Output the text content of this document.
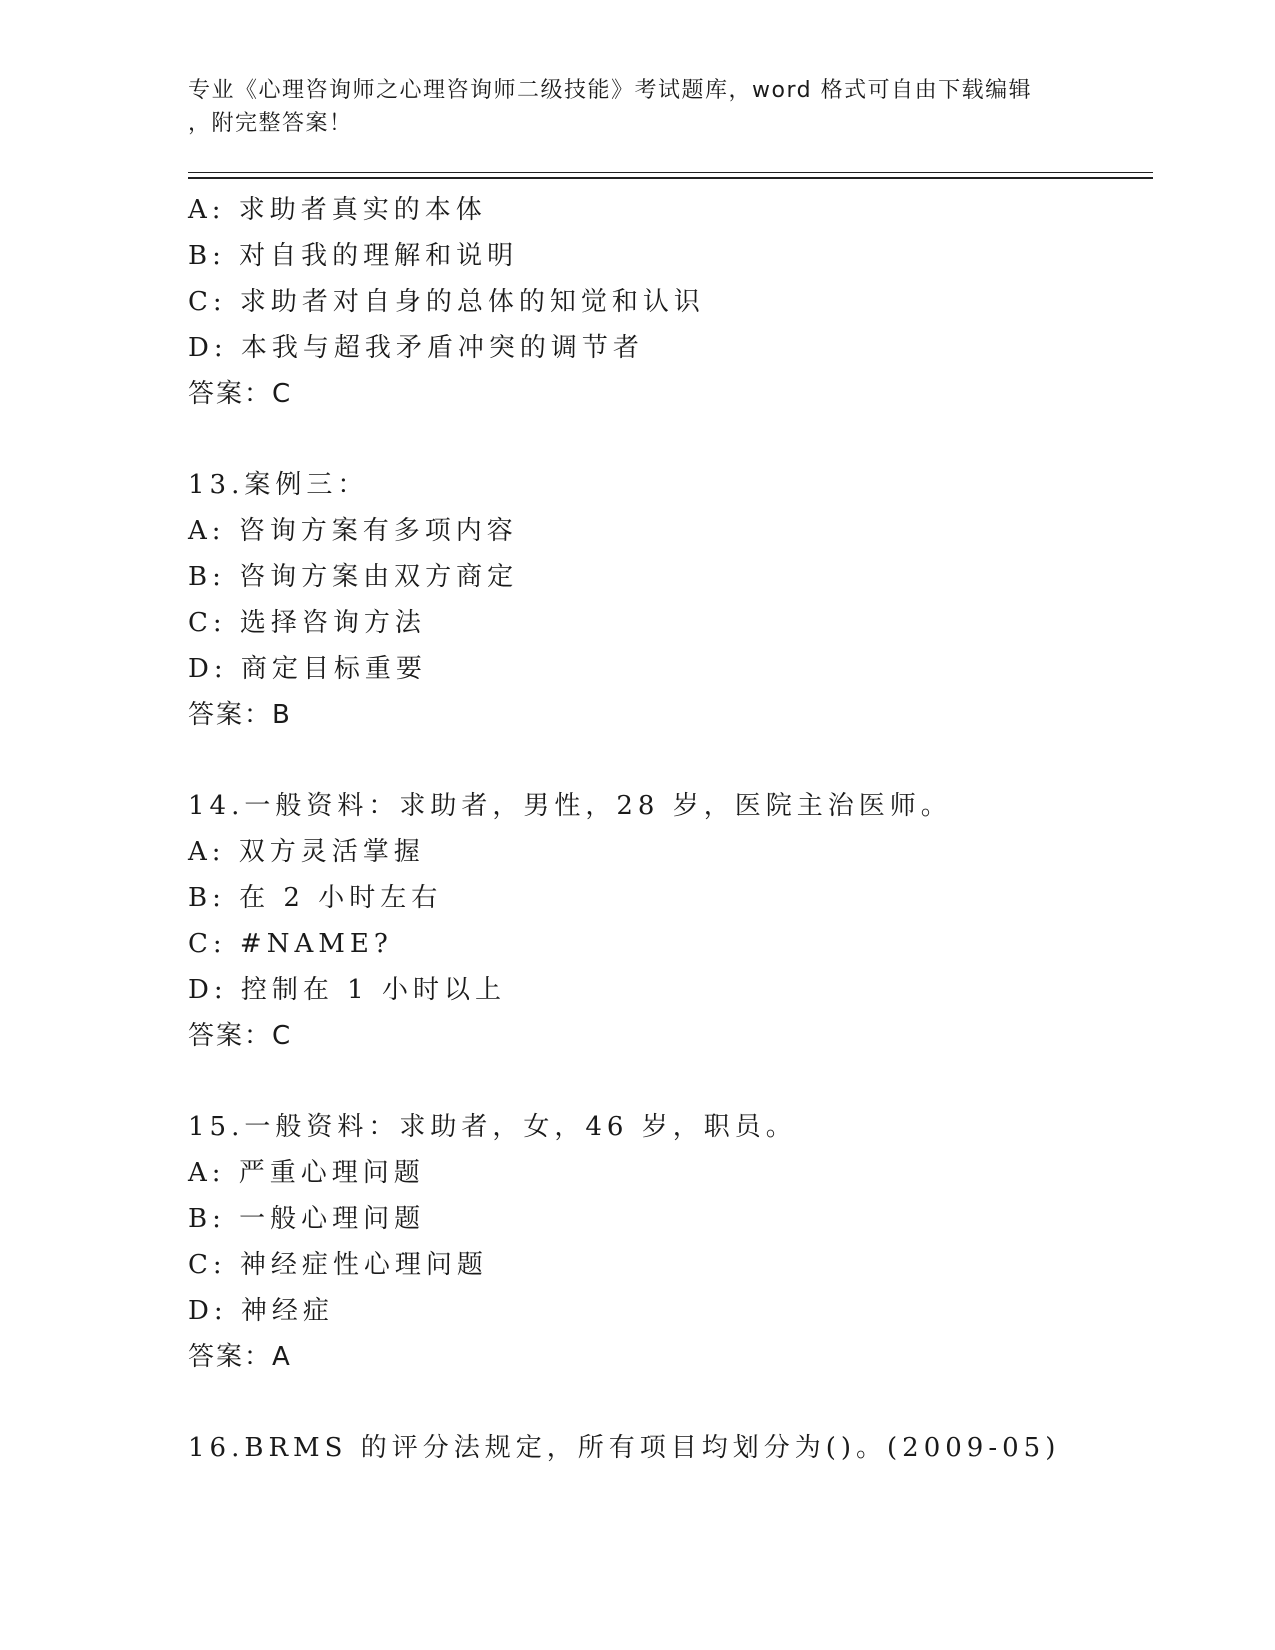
专业《心理咨询师之心理咨询师二级技能》考试题库，word 格式可自由下载编辑
，附完整答案！
A: 求助者真实的本体
B: 对自我的理解和说明
C: 求助者对自身的总体的知觉和认识
D: 本我与超我矛盾冲突的调节者
答案：C
13.案例三：
A: 咨询方案有多项内容
B: 咨询方案由双方商定
C: 选择咨询方法
D: 商定目标重要
答案：B
14.一般资料：求助者，男性，28 岁，医院主治医师。
A: 双方灵活掌握
B: 在 2 小时左右
C: #NAME?
D: 控制在 1 小时以上
答案：C
15.一般资料：求助者，女，46 岁，职员。
A: 严重心理问题
B: 一般心理问题
C: 神经症性心理问题
D: 神经症
答案：A
16.BRMS 的评分法规定，所有项目均划分为()。(2009-05)
